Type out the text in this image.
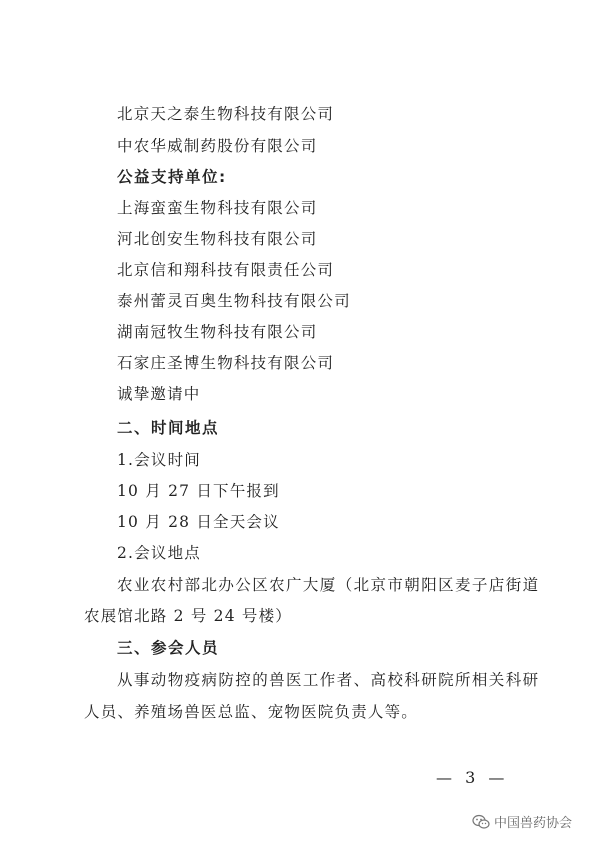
北京天之泰生物科技有限公司
中农华威制药股份有限公司
公益支持单位:
上海蛮蛮生物科技有限公司
河北创安生物科技有限公司
北京信和翔科技有限责任公司
泰州蕾灵百奥生物科技有限公司
湖南冠牧生物科技有限公司
石家庄圣博生物科技有限公司
诚挚邀请中
二、时间地点
1.会议时间
10 月 27 日下午报到
10 月 28 日全天会议
2.会议地点
农业农村部北办公区农广大厦（北京市朝阳区麦子店街道
农展馆北路 2 号 24 号楼）
三、参会人员
从事动物疫病防控的兽医工作者、高校科研院所相关科研
人员、养殖场兽医总监、宠物医院负责人等。
— 3 —
中国兽药协会
